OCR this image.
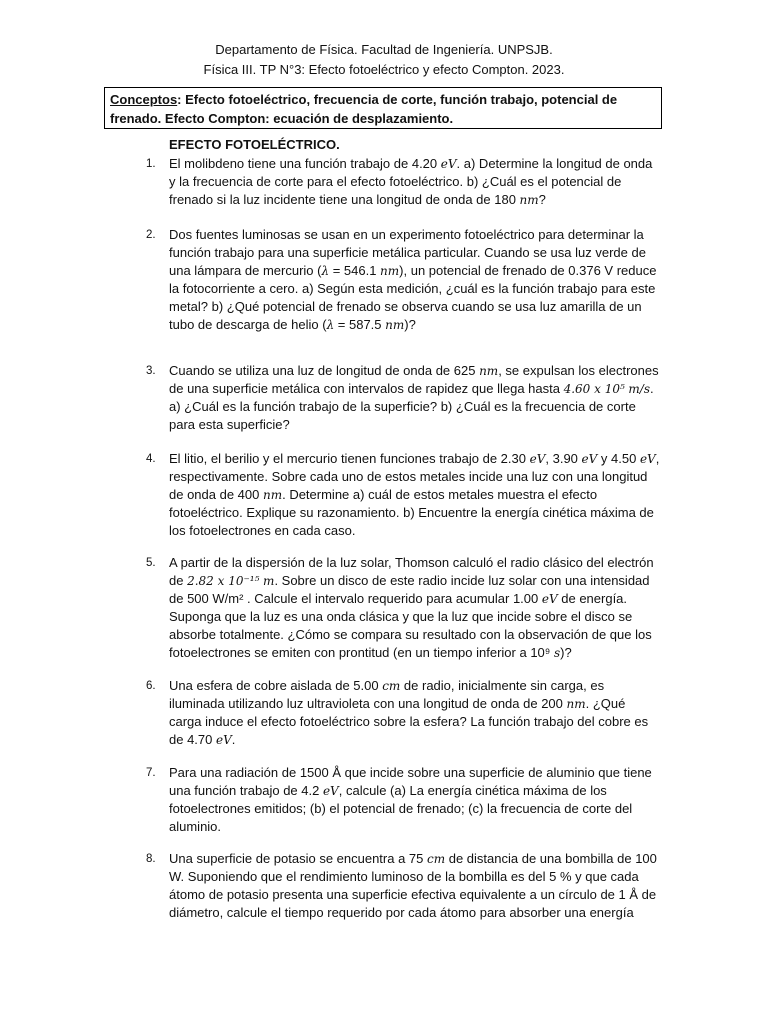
Departamento de Física. Facultad de Ingeniería. UNPSJB.
Física III. TP N°3: Efecto fotoeléctrico y efecto Compton. 2023.
Conceptos: Efecto fotoeléctrico, frecuencia de corte, función trabajo, potencial de frenado. Efecto Compton: ecuación de desplazamiento.
EFECTO FOTOELÉCTRICO.
1.	El molibdeno tiene una función trabajo de 4.20 eV. a) Determine la longitud de onda y la frecuencia de corte para el efecto fotoeléctrico. b) ¿Cuál es el potencial de frenado si la luz incidente tiene una longitud de onda de 180 nm?
2.	Dos fuentes luminosas se usan en un experimento fotoeléctrico para determinar la función trabajo para una superficie metálica particular. Cuando se usa luz verde de una lámpara de mercurio (λ = 546.1 nm), un potencial de frenado de 0.376 V reduce la fotocorriente a cero. a) Según esta medición, ¿cuál es la función trabajo para este metal? b) ¿Qué potencial de frenado se observa cuando se usa luz amarilla de un tubo de descarga de helio (λ = 587.5 nm)?
3.	Cuando se utiliza una luz de longitud de onda de 625 nm, se expulsan los electrones de una superficie metálica con intervalos de rapidez que llega hasta 4.60 x 10⁵ m/s. a) ¿Cuál es la función trabajo de la superficie? b) ¿Cuál es la frecuencia de corte para esta superficie?
4.	El litio, el berilio y el mercurio tienen funciones trabajo de 2.30 eV, 3.90 eV y 4.50 eV, respectivamente. Sobre cada uno de estos metales incide una luz con una longitud de onda de 400 nm. Determine a) cuál de estos metales muestra el efecto fotoeléctrico. Explique su razonamiento. b) Encuentre la energía cinética máxima de los fotoelectrones en cada caso.
5.	A partir de la dispersión de la luz solar, Thomson calculó el radio clásico del electrón de 2.82 x 10⁻¹⁵ m. Sobre un disco de este radio incide luz solar con una intensidad de 500 W/m² . Calcule el intervalo requerido para acumular 1.00 eV de energía. Suponga que la luz es una onda clásica y que la luz que incide sobre el disco se absorbe totalmente. ¿Cómo se compara su resultado con la observación de que los fotoelectrones se emiten con prontitud (en un tiempo inferior a 10⁹ s)?
6.	Una esfera de cobre aislada de 5.00 cm de radio, inicialmente sin carga, es iluminada utilizando luz ultravioleta con una longitud de onda de 200 nm. ¿Qué carga induce el efecto fotoeléctrico sobre la esfera? La función trabajo del cobre es de 4.70 eV.
7.	Para una radiación de 1500 Å que incide sobre una superficie de aluminio que tiene una función trabajo de 4.2 eV, calcule (a) La energía cinética máxima de los fotoelectrones emitidos; (b) el potencial de frenado; (c) la frecuencia de corte del aluminio.
8.	Una superficie de potasio se encuentra a 75 cm de distancia de una bombilla de 100 W. Suponiendo que el rendimiento luminoso de la bombilla es del 5 % y que cada átomo de potasio presenta una superficie efectiva equivalente a un círculo de 1 Å de diámetro, calcule el tiempo requerido por cada átomo para absorber una energía
